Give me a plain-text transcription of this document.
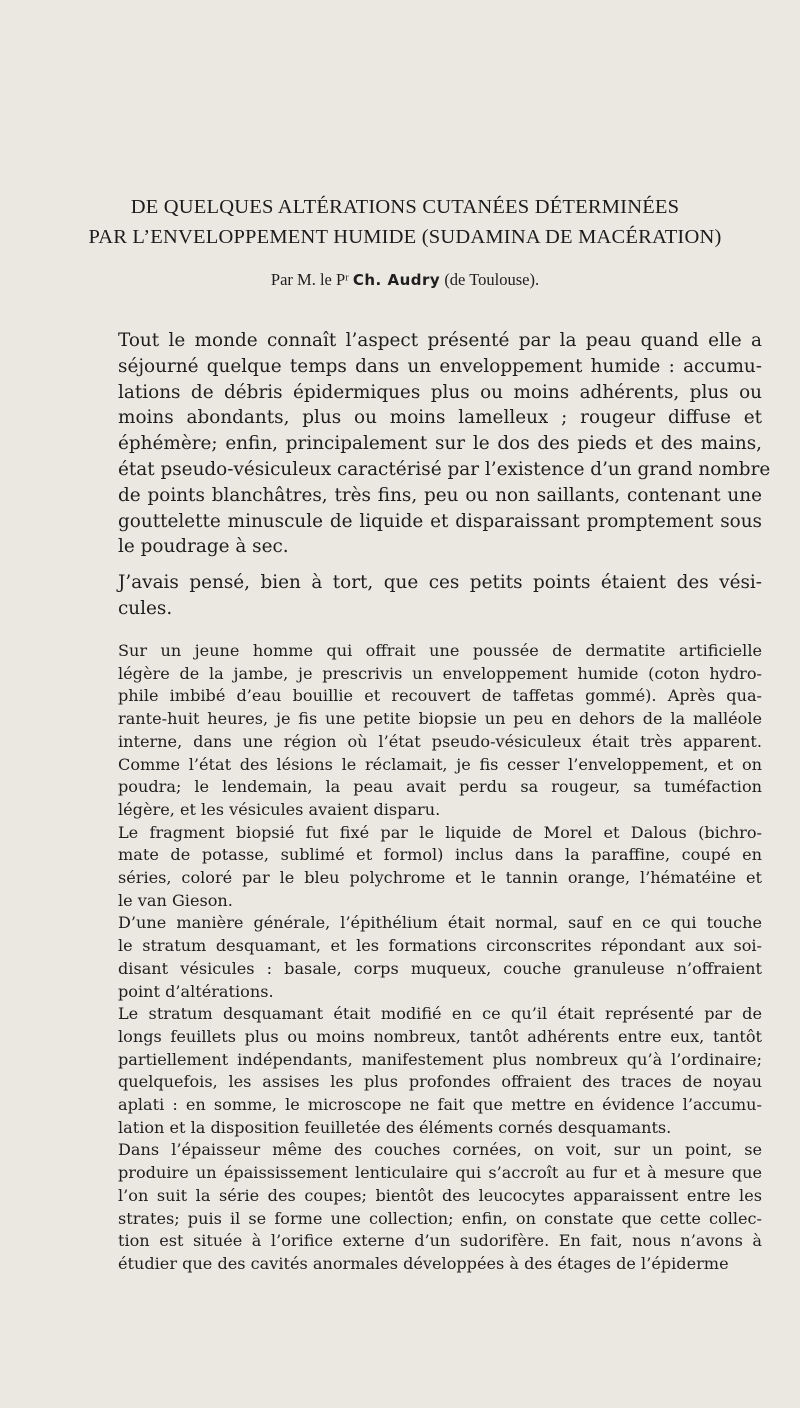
DE QUELQUES ALTÉRATIONS CUTANÉES DÉTERMINÉES
PAR L’ENVELOPPEMENT HUMIDE (SUDAMINA DE MACÉRATION)
Par M. le Pʳ Ch. Audry (de Toulouse).
Tout le monde connaît l’aspect présenté par la peau quand elle a
séjourné quelque temps dans un enveloppement humide : accumu-
lations de débris épidermiques plus ou moins adhérents, plus ou
moins abondants, plus ou moins lamelleux ; rougeur diffuse et
éphémère; enfin, principalement sur le dos des pieds et des mains,
état pseudo-vésiculeux caractérisé par l’existence d’un grand nombre
de points blanchâtres, très fins, peu ou non saillants, contenant une
gouttelette minuscule de liquide et disparaissant promptement sous
le poudrage à sec.
J’avais pensé, bien à tort, que ces petits points étaient des vési-
cules.

Sur un jeune homme qui offrait une poussée de dermatite artificielle
légère de la jambe, je prescrivis un enveloppement humide (coton hydro-
phile imbibé d’eau bouillie et recouvert de taffetas gommé). Après qua-
rante-huit heures, je fis une petite biopsie un peu en dehors de la malléole
interne, dans une région où l’état pseudo-vésiculeux était très apparent.
Comme l’état des lésions le réclamait, je fis cesser l’enveloppement, et on
poudra; le lendemain, la peau avait perdu sa rougeur, sa tuméfaction
légère, et les vésicules avaient disparu.

Le fragment biopsié fut fixé par le liquide de Morel et Dalous (bichro-
mate de potasse, sublimé et formol) inclus dans la paraffine, coupé en
séries, coloré par le bleu polychrome et le tannin orange, l’hématéine et
le van Gieson.

D’une manière générale, l’épithélium était normal, sauf en ce qui touche
le stratum desquamant, et les formations circonscrites répondant aux soi-
disant vésicules : basale, corps muqueux, couche granuleuse n’offraient
point d’altérations.

Le stratum desquamant était modifié en ce qu’il était représenté par de
longs feuillets plus ou moins nombreux, tantôt adhérents entre eux, tantôt
partiellement indépendants, manifestement plus nombreux qu’à l’ordinaire;
quelquefois, les assises les plus profondes offraient des traces de noyau
aplati : en somme, le microscope ne fait que mettre en évidence l’accumu-
lation et la disposition feuilletée des éléments cornés desquamants.

Dans l’épaisseur même des couches cornées, on voit, sur un point, se
produire un épaississement lenticulaire qui s’accroît au fur et à mesure que
l’on suit la série des coupes; bientôt des leucocytes apparaissent entre les
strates; puis il se forme une collection; enfin, on constate que cette collec-
tion est située à l’orifice externe d’un sudorifère. En fait, nous n’avons à
étudier que des cavités anormales développées à des étages de l’épiderme
